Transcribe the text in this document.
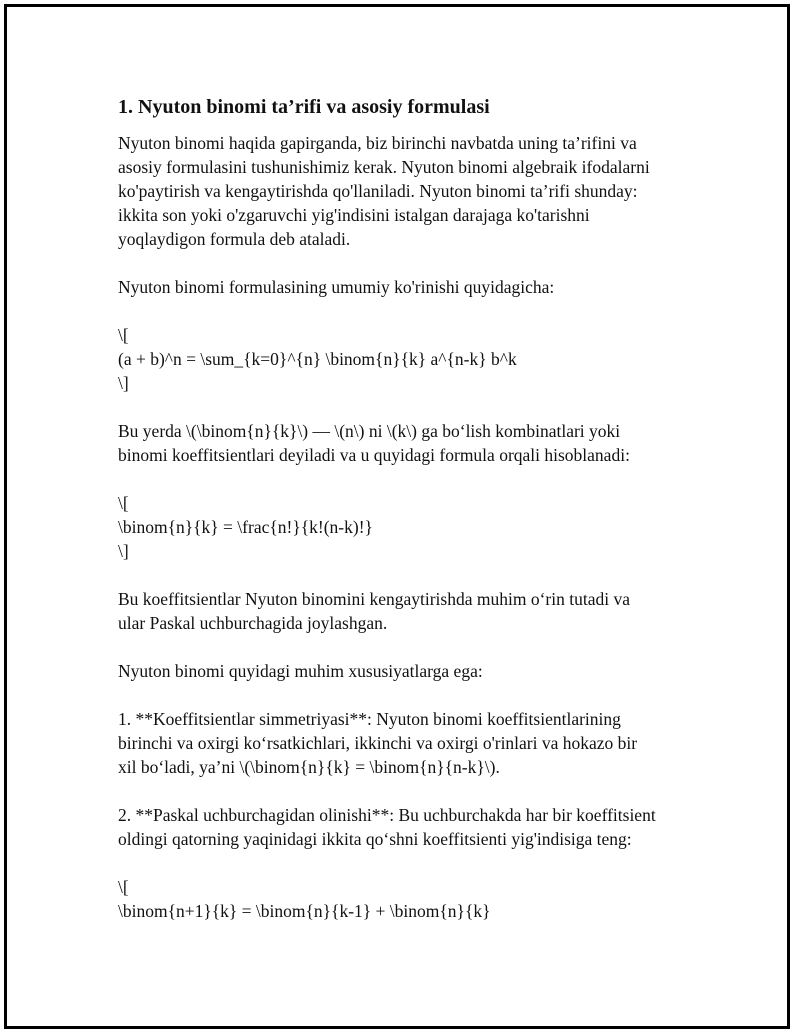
1. Nyuton binomi ta’rifi va asosiy formulasi
Nyuton binomi haqida gapirganda, biz birinchi navbatda uning ta’rifini va
asosiy formulasini tushunishimiz kerak. Nyuton binomi algebraik ifodalarni
ko'paytirish va kengaytirishda qo'llaniladi. Nyuton binomi ta’rifi shunday:
ikkita son yoki o'zgaruvchi yig'indisini istalgan darajaga ko'tarishni
yoqlaydigon formula deb ataladi.
Nyuton binomi formulasining umumiy ko'rinishi quyidagicha:
\[
(a + b)^n = \sum_{k=0}^{n} \binom{n}{k} a^{n-k} b^k
\]
Bu yerda \(\binom{n}{k}\) — \(n\) ni \(k\) ga bo‘lish kombinatlari yoki
binomi koeffitsientlari deyiladi va u quyidagi formula orqali hisoblanadi:
\[
\binom{n}{k} = \frac{n!}{k!(n-k)!}
\]
Bu koeffitsientlar Nyuton binomini kengaytirishda muhim o‘rin tutadi va
ular Paskal uchburchagida joylashgan.
Nyuton binomi quyidagi muhim xususiyatlarga ega:
1. **Koeffitsientlar simmetriyasi**: Nyuton binomi koeffitsientlarining
birinchi va oxirgi ko‘rsatkichlari, ikkinchi va oxirgi o'rinlari va hokazo bir
xil bo‘ladi, ya’ni \(\binom{n}{k} = \binom{n}{n-k}\).
2. **Paskal uchburchagidan olinishi**: Bu uchburchakda har bir koeffitsient
oldingi qatorning yaqinidagi ikkita qo‘shni koeffitsienti yig'indisiga teng:
\[
\binom{n+1}{k} = \binom{n}{k-1} + \binom{n}{k}
